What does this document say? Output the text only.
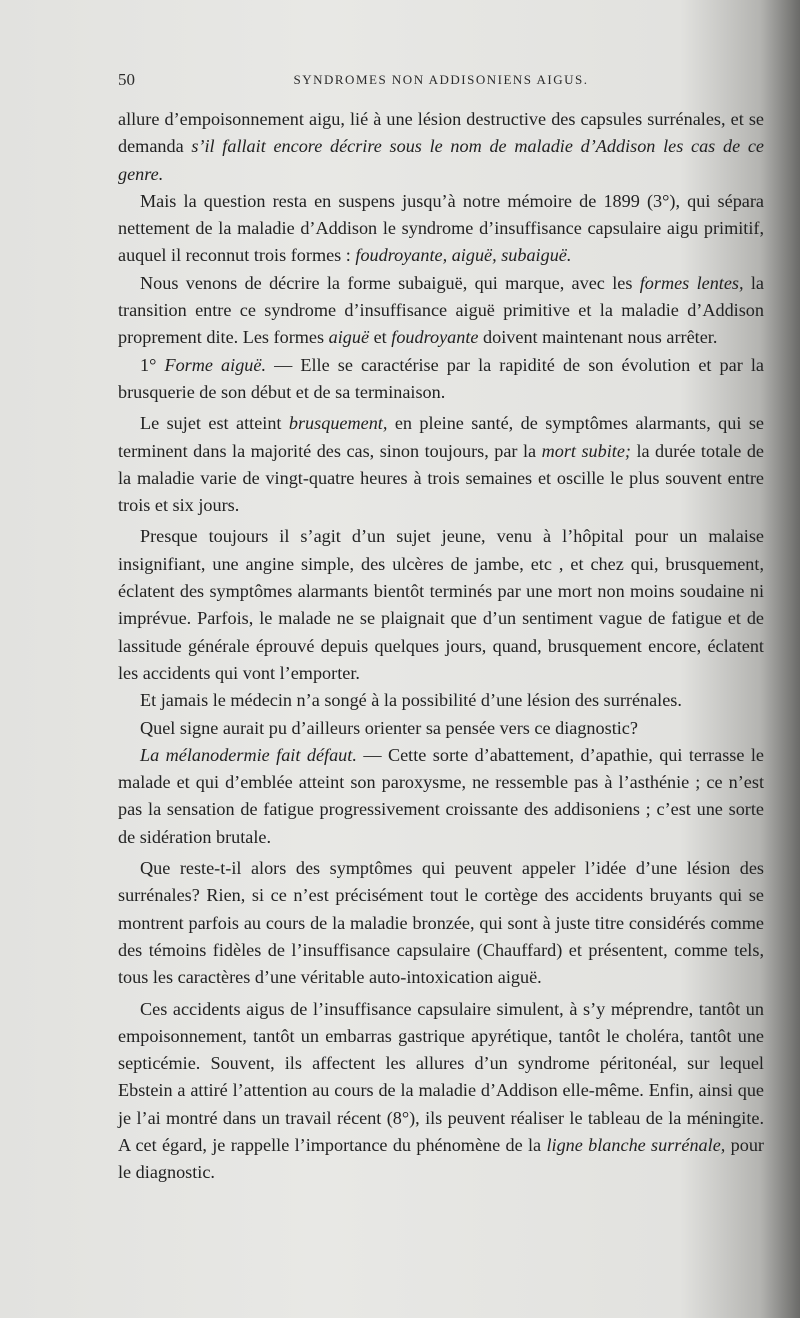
50	SYNDROMES NON ADDISONIENS AIGUS.

allure d’empoisonnement aigu, lié à une lésion destructive des capsules surrénales, et se demanda s’il fallait encore décrire sous le nom de maladie d’Addison les cas de ce genre.

Mais la question resta en suspens jusqu’à notre mémoire de 1899 (3°), qui sépara nettement de la maladie d’Addison le syndrome d’insuffisance capsulaire aigu primitif, auquel il reconnut trois formes : foudroyante, aiguë, subaiguë.

Nous venons de décrire la forme subaiguë, qui marque, avec les formes lentes, la transition entre ce syndrome d’insuffisance aiguë primitive et la maladie d’Addison proprement dite. Les formes aiguë et foudroyante doivent maintenant nous arrêter.

1° Forme aiguë. — Elle se caractérise par la rapidité de son évolution et par la brusquerie de son début et de sa terminaison.

Le sujet est atteint brusquement, en pleine santé, de symptômes alarmants, qui se terminent dans la majorité des cas, sinon toujours, par la mort subite; la durée totale de la maladie varie de vingt-quatre heures à trois semaines et oscille le plus souvent entre trois et six jours.

Presque toujours il s’agit d’un sujet jeune, venu à l’hôpital pour un malaise insignifiant, une angine simple, des ulcères de jambe, etc , et chez qui, brusquement, éclatent des symptômes alarmants bientôt terminés par une mort non moins soudaine ni imprévue. Parfois, le malade ne se plaignait que d’un sentiment vague de fatigue et de lassitude générale éprouvé depuis quelques jours, quand, brusquement encore, éclatent les accidents qui vont l’emporter.

Et jamais le médecin n’a songé à la possibilité d’une lésion des surrénales.

Quel signe aurait pu d’ailleurs orienter sa pensée vers ce diagnostic?

La mélanodermie fait défaut. — Cette sorte d’abattement, d’apathie, qui terrasse le malade et qui d’emblée atteint son paroxysme, ne ressemble pas à l’asthénie ; ce n’est pas la sensation de fatigue progressivement croissante des addisoniens ; c’est une sorte de sidération brutale.

Que reste-t-il alors des symptômes qui peuvent appeler l’idée d’une lésion des surrénales? Rien, si ce n’est précisément tout le cortège des accidents bruyants qui se montrent parfois au cours de la maladie bronzée, qui sont à juste titre considérés comme des témoins fidèles de l’insuffisance capsulaire (Chauffard) et présentent, comme tels, tous les caractères d’une véritable auto-intoxication aiguë.

Ces accidents aigus de l’insuffisance capsulaire simulent, à s’y méprendre, tantôt un empoisonnement, tantôt un embarras gastrique apyrétique, tantôt le choléra, tantôt une septicémie. Souvent, ils affectent les allures d’un syndrome péritonéal, sur lequel Ebstein a attiré l’attention au cours de la maladie d’Addison elle-même. Enfin, ainsi que je l’ai montré dans un travail récent (8°), ils peuvent réaliser le tableau de la méningite. A cet égard, je rappelle l’importance du phénomène de la ligne blanche surrénale, pour le diagnostic.
